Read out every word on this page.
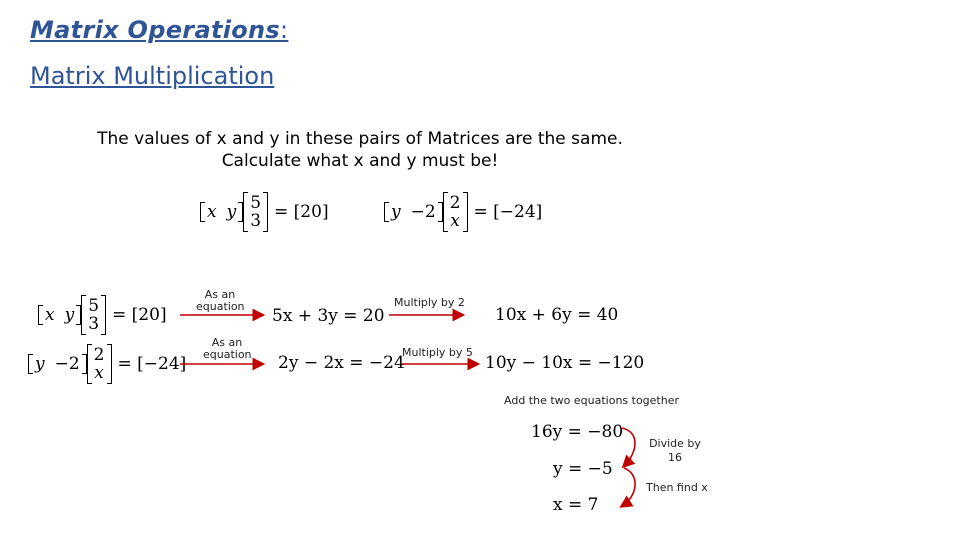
Matrix Operations:
Matrix Multiplication
The values of x and y in these pairs of Matrices are the same.
Calculate what x and y must be!
x y 5
3 = [20]	y −2 2
x = [−24]
x y 5
3 = [20]
y −2 2
x = [−24]
As an equation
As an equation
Multiply by 2
Multiply by 5
5x + 3y = 20
2y − 2x = −24
10x + 6y = 40
10y − 10x = −120
Add the two equations together
16y = −80
y = −5
x = 7
Divide by 16
Then find x
